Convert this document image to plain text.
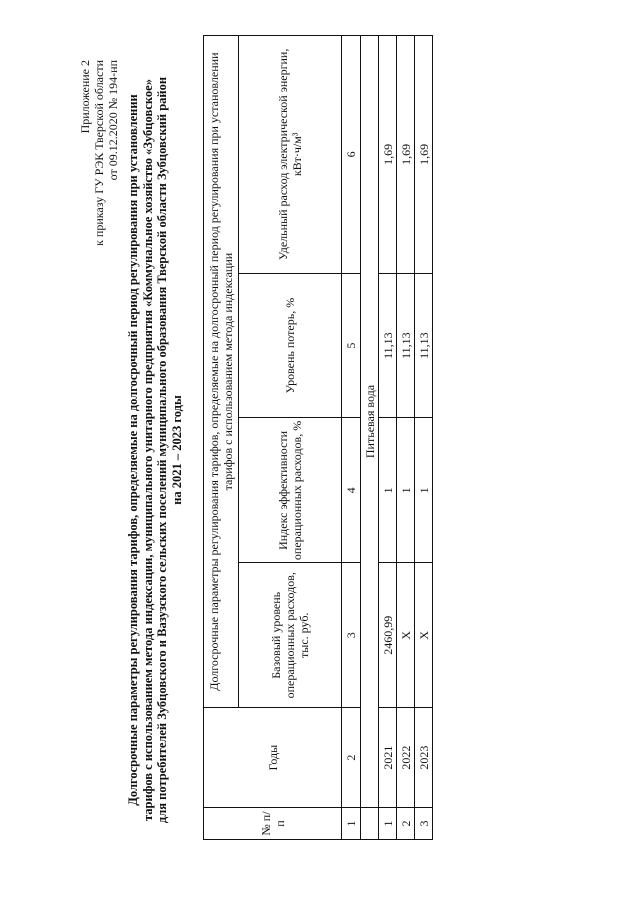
Приложение 2 к приказу ГУ РЭК Тверской области от 09.12.2020 № 194-нп Долгосрочные параметры регулирования тарифов, определяемые на долгосрочный период регулирования при установлении тарифов с использованием метода индексации, муниципального унитарного предприятия «Коммунальное хозяйство «Зубцовское» для потребителей Зубцовского и Вазузского сельских поселений муниципального образования Тверской области Зубцовский район на 2021 – 2023 годы
№ п/п	Годы	Долгосрочные параметры регулирования тарифов, определяемые на долгосрочный период регулирования при установлении тарифов с использованием метода индексации			
		Базовый уровень операционных расходов, тыс. руб.	Индекс эффективности операционных расходов, %	Уровень потерь, %	Удельный расход электрической энергии, кВт·ч/м³
1	2	3	4	5	6
	Питьевая вода				
1	2021	2460,99	1	11,13	1,69
2	2022	Х	1	11,13	1,69
3	2023	Х	1	11,13	1,69
